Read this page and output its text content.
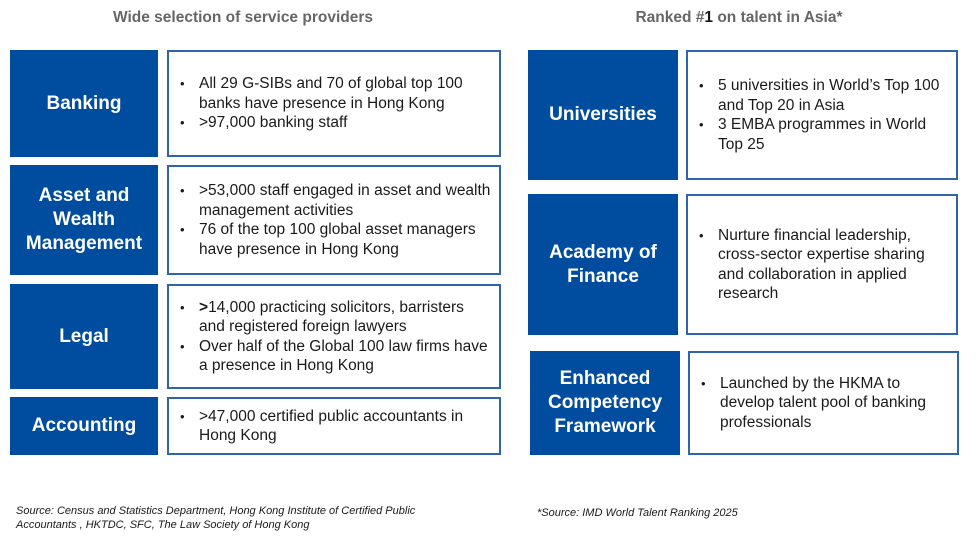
Wide selection of service providers
Banking
• All 29 G-SIBs and 70 of global top 100 banks have presence in Hong Kong
• >97,000 banking staff
Asset and Wealth Management
• >53,000 staff engaged in asset and wealth management activities
• 76 of the top 100 global asset managers have presence in Hong Kong
Legal
• >14,000 practicing solicitors, barristers and registered foreign lawyers
• Over half of the Global 100 law firms have a presence in Hong Kong
Accounting	• >47,000 certified public accountants in Hong Kong
Ranked #1 on talent in Asia*
Universities
• 5 universities in World’s Top 100 and Top 20 in Asia
• 3 EMBA programmes in World Top 25
Academy of Finance
• Nurture financial leadership, cross-sector expertise sharing and collaboration in applied research
Enhanced Competency Framework
• Launched by the HKMA to develop talent pool of banking professionals
Source: Census and Statistics Department, Hong Kong Institute of Certified Public Accountants , HKTDC, SFC, The Law Society of Hong Kong
*Source: IMD World Talent Ranking 2025
